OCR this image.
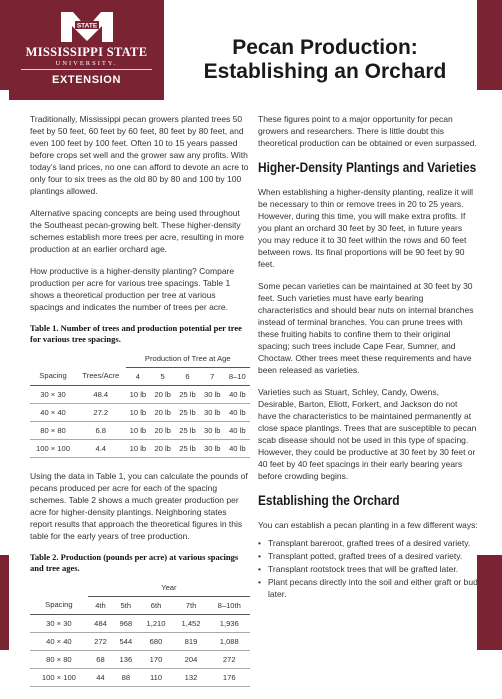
STATE
MISSISSIPPI STATE
UNIVERSITY.
EXTENSION
Pecan Production:
Establishing an Orchard

Traditionally, Mississippi pecan growers planted trees 50 feet by 50 feet, 60 feet by 60 feet, 80 feet by 80 feet, and even 100 feet by 100 feet. Often 10 to 15 years passed before crops set well and the grower saw any profits. With today’s land prices, no one can afford to devote an acre to only four to six trees as the old 80 by 80 and 100 by 100 plantings allowed.

Alternative spacing concepts are being used throughout the Southeast pecan-growing belt. These higher-density schemes establish more trees per acre, resulting in more production at an earlier orchard age.

How productive is a higher-density planting? Compare production per acre for various tree spacings. Table 1 shows a theoretical production per tree at various spacings and indicates the number of trees per acre.

Table 1. Number of trees and production potential per tree for various tree spacings.
		Production of Tree at Age				
Spacing	Trees/Acre	4	5	6	7	8–10
30 × 30	48.4	10 lb	20 lb	25 lb	30 lb	40 lb
40 × 40	27.2	10 lb	20 lb	25 lb	30 lb	40 lb
80 × 80	6.8	10 lb	20 lb	25 lb	30 lb	40 lb
100 × 100	4.4	10 lb	20 lb	25 lb	30 lb	40 lb

Using the data in Table 1, you can calculate the pounds of pecans produced per acre for each of the spacing schemes. Table 2 shows a much greater production per acre for higher-density plantings. Neighboring states report results that approach the theoretical figures in this table for the early years of tree production.

Table 2. Production (pounds per acre) at various spacings and tree ages.
	Year				
Spacing	4th	5th	6th	7th	8–10th
30 × 30	484	968	1,210	1,452	1,936
40 × 40	272	544	680	819	1,088
80 × 80	68	136	170	204	272
100 × 100	44	88	110	132	176

These figures point to a major opportunity for pecan growers and researchers. There is little doubt this theoretical production can be obtained or even surpassed.

Higher-Density Plantings and Varieties

When establishing a higher-density planting, realize it will be necessary to thin or remove trees in 20 to 25 years. However, during this time, you will make extra profits. If you plant an orchard 30 feet by 30 feet, in future years you may reduce it to 30 feet within the rows and 60 feet between rows. Its final proportions will be 90 feet by 90 feet.

Some pecan varieties can be maintained at 30 feet by 30 feet. Such varieties must have early bearing characteristics and should bear nuts on internal branches instead of terminal branches. You can prune trees with these fruiting habits to confine them to their original spacing; such trees include Cape Fear, Sumner, and Choctaw. Other trees meet these requirements and have been released as varieties.

Varieties such as Stuart, Schley, Candy, Owens, Desirable, Barton, Eliott, Forkert, and Jackson do not have the characteristics to be maintained permanently at close space plantings. Trees that are susceptible to pecan scab disease should not be used in this type of spacing. However, they could be productive at 30 feet by 30 feet or 40 feet by 40 feet spacings in their early bearing years before crowding begins.

Establishing the Orchard

You can establish a pecan planting in a few different ways:

• Transplant bareroot, grafted trees of a desired variety.
• Transplant potted, grafted trees of a desired variety.
• Transplant rootstock trees that will be grafted later.
• Plant pecans directly into the soil and either graft or bud later.
